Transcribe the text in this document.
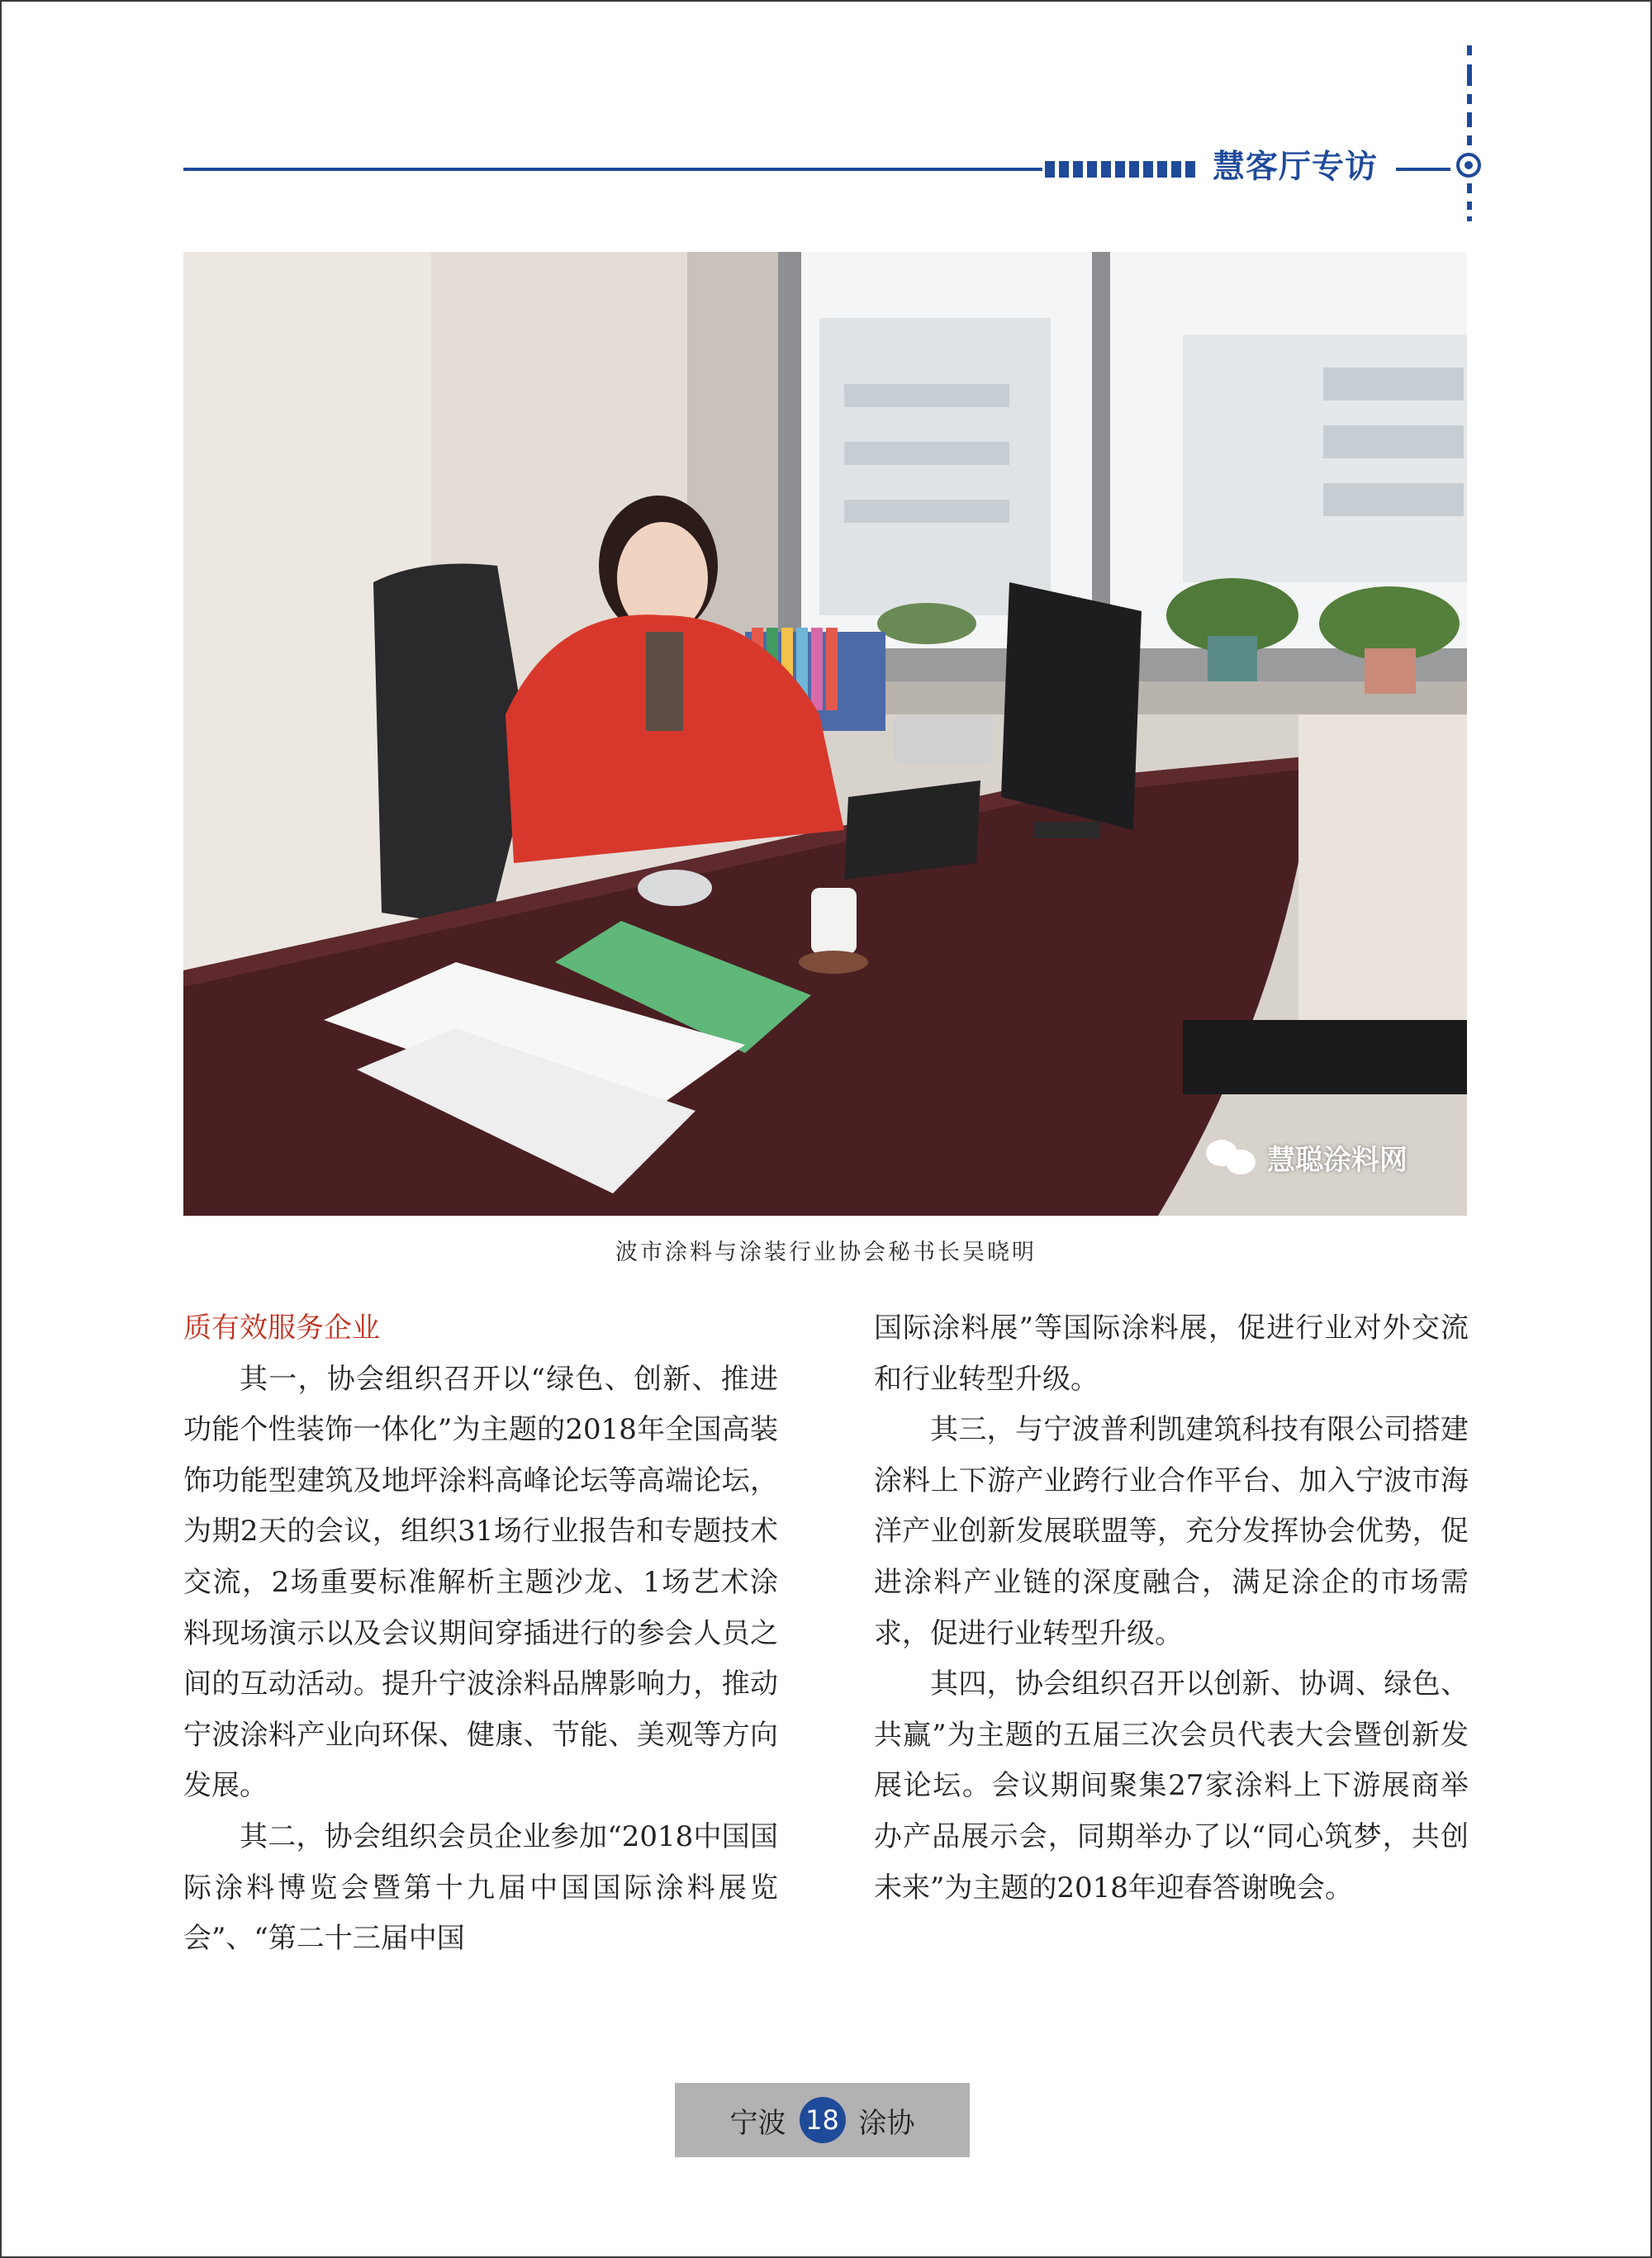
慧客厅专访
慧聪涂料网
波市涂料与涂装行业协会秘书长吴晓明

质有效服务企业

其一，协会组织召开以“绿色、创新、推进功能个性装饰一体化”为主题的2018年全国高装饰功能型建筑及地坪涂料高峰论坛等高端论坛，为期2天的会议，组织31场行业报告和专题技术交流，2场重要标准解析主题沙龙、1场艺术涂料现场演示以及会议期间穿插进行的参会人员之间的互动活动。提升宁波涂料品牌影响力，推动宁波涂料产业向环保、健康、节能、美观等方向发展。

其二，协会组织会员企业参加“2018中国国际涂料博览会暨第十九届中国国际涂料展览会”、“第二十三届中国

国际涂料展”等国际涂料展，促进行业对外交流和行业转型升级。

其三，与宁波普利凯建筑科技有限公司搭建涂料上下游产业跨行业合作平台、加入宁波市海洋产业创新发展联盟等，充分发挥协会优势，促进涂料产业链的深度融合，满足涂企的市场需求，促进行业转型升级。

其四，协会组织召开以创新、协调、绿色、共赢”为主题的五届三次会员代表大会暨创新发展论坛。会议期间聚集27家涂料上下游展商举办产品展示会，同期举办了以“同心筑梦，共创未来”为主题的2018年迎春答谢晚会。

宁波 18 涂协
